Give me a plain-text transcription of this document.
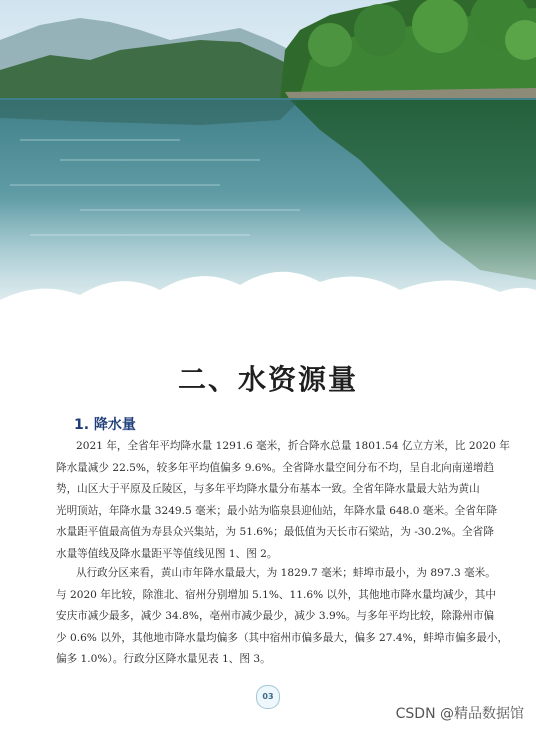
二、水资源量
1. 降水量

2021 年，全省年平均降水量 1291.6 毫米，折合降水总量 1801.54 亿立方米，比 2020 年
降水量减少 22.5%，较多年平均值偏多 9.6%。全省降水量空间分布不均，呈自北向南递增趋
势，山区大于平原及丘陵区，与多年平均降水量分布基本一致。全省年降水量最大站为黄山
光明顶站，年降水量 3249.5 毫米；最小站为临泉县迎仙站，年降水量 648.0 毫米。全省年降
水量距平值最高值为寿县众兴集站，为 51.6%；最低值为天长市石梁站，为 -30.2%。全省降
水量等值线及降水量距平等值线见图 1、图 2。

从行政分区来看，黄山市年降水量最大，为 1829.7 毫米；蚌埠市最小，为 897.3 毫米。
与 2020 年比较，除淮北、宿州分别增加 5.1%、11.6% 以外，其他地市降水量均减少，其中
安庆市减少最多，减少 34.8%，亳州市减少最少，减少 3.9%。与多年平均比较，除滁州市偏
少 0.6% 以外，其他地市降水量均偏多（其中宿州市偏多最大，偏多 27.4%，蚌埠市偏多最小，
偏多 1.0%）。行政分区降水量见表 1、图 3。

03
CSDN @精品数据馆
